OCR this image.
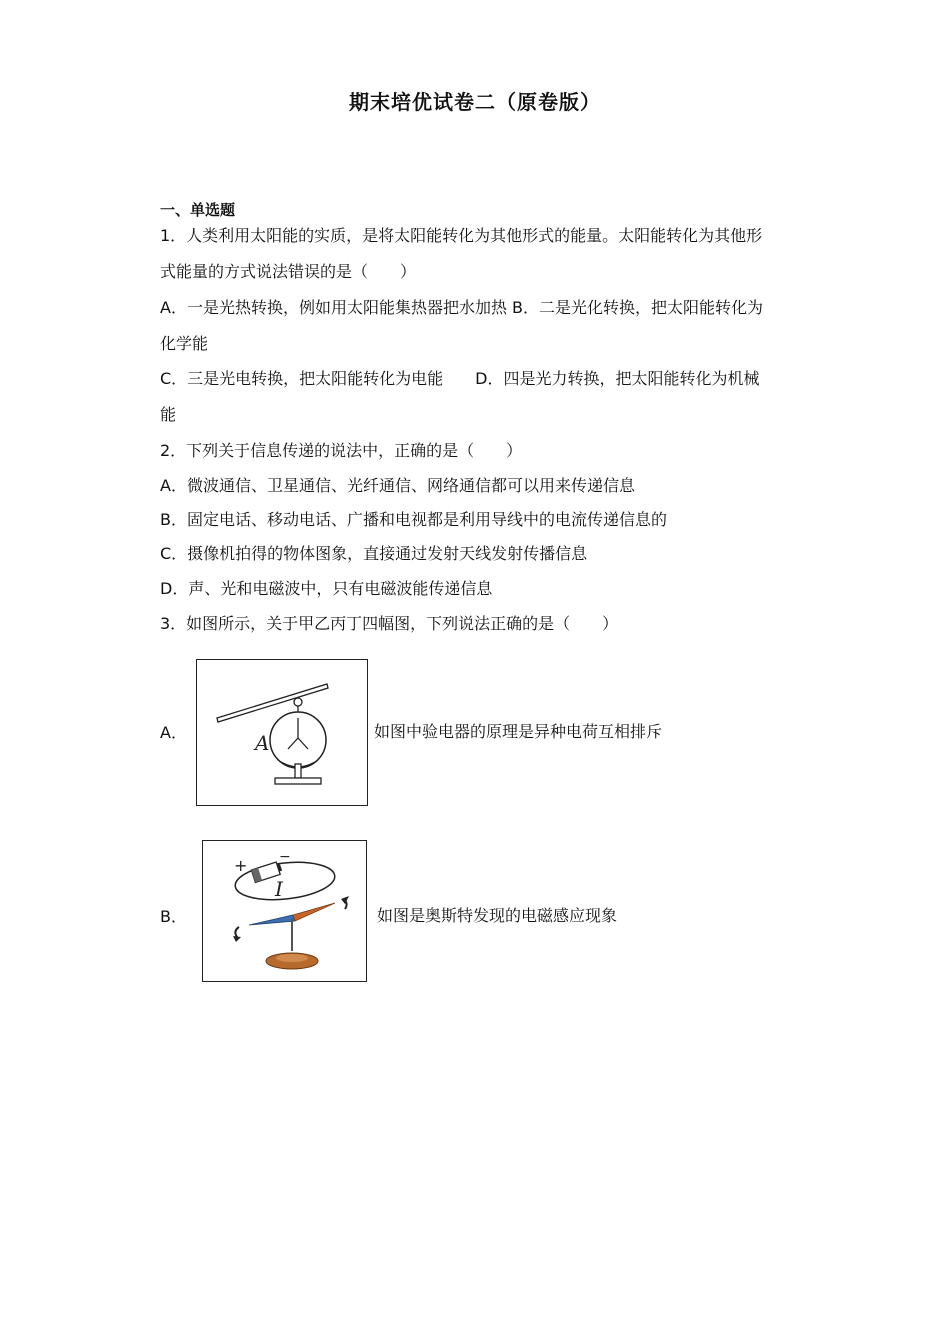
期末培优试卷二（原卷版）
一、单选题
1．人类利用太阳能的实质，是将太阳能转化为其他形式的能量。太阳能转化为其他形
式能量的方式说法错误的是（　　）
A．一是光热转换，例如用太阳能集热器把水加热 B．二是光化转换，把太阳能转化为
化学能
C．三是光电转换，把太阳能转化为电能　　D．四是光力转换，把太阳能转化为机械
能
2．下列关于信息传递的说法中，正确的是（　　）
A．微波通信、卫星通信、光纤通信、网络通信都可以用来传递信息
B．固定电话、移动电话、广播和电视都是利用导线中的电流传递信息的
C．摄像机拍得的物体图象，直接通过发射天线发射传播信息
D．声、光和电磁波中，只有电磁波能传递信息
3．如图所示，关于甲乙丙丁四幅图，下列说法正确的是（　　）
A．	A	如图中验电器的原理是异种电荷互相排斥
B．
+ −
I
如图是奥斯特发现的电磁感应现象
